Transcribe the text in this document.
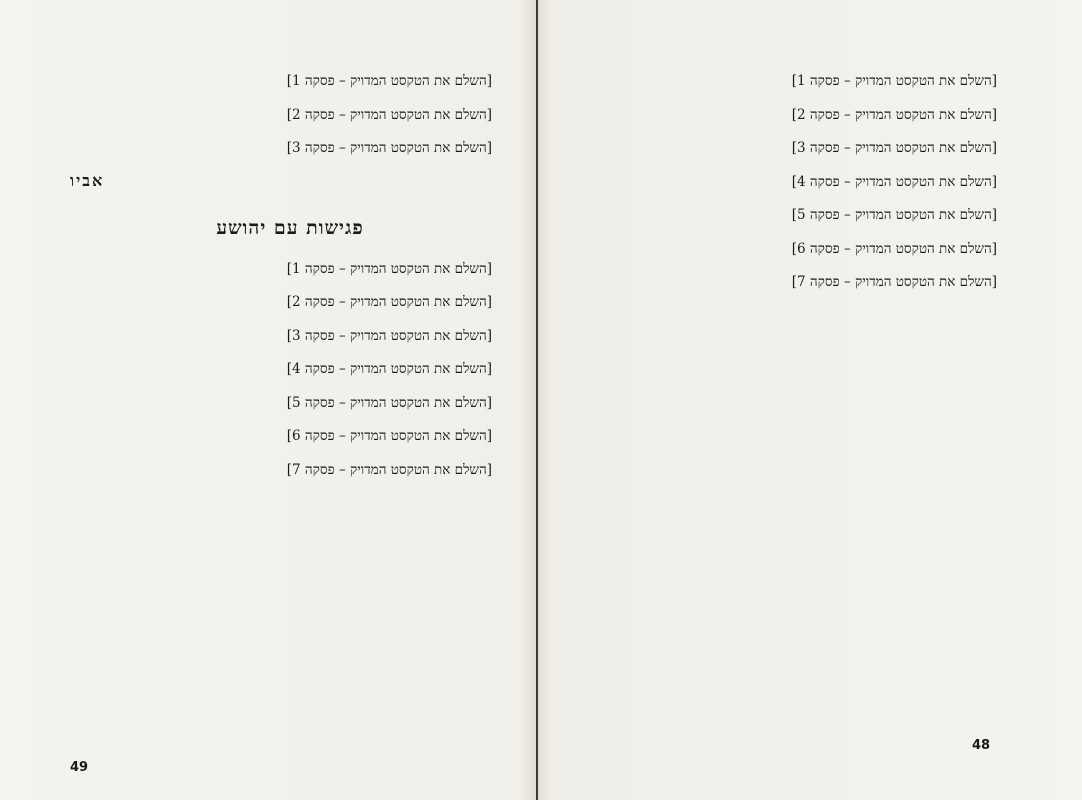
[השלם את הטקסט המדויק – פסקה 1]

[השלם את הטקסט המדויק – פסקה 2]

[השלם את הטקסט המדויק – פסקה 3]

אביו
פגישות עם יהושע

[השלם את הטקסט המדויק – פסקה 1]

[השלם את הטקסט המדויק – פסקה 2]

[השלם את הטקסט המדויק – פסקה 3]

[השלם את הטקסט המדויק – פסקה 4]

[השלם את הטקסט המדויק – פסקה 5]

[השלם את הטקסט המדויק – פסקה 6]

[השלם את הטקסט המדויק – פסקה 7]

49

[השלם את הטקסט המדויק – פסקה 1]

[השלם את הטקסט המדויק – פסקה 2]

[השלם את הטקסט המדויק – פסקה 3]

[השלם את הטקסט המדויק – פסקה 4]

[השלם את הטקסט המדויק – פסקה 5]

[השלם את הטקסט המדויק – פסקה 6]

[השלם את הטקסט המדויק – פסקה 7]

48
